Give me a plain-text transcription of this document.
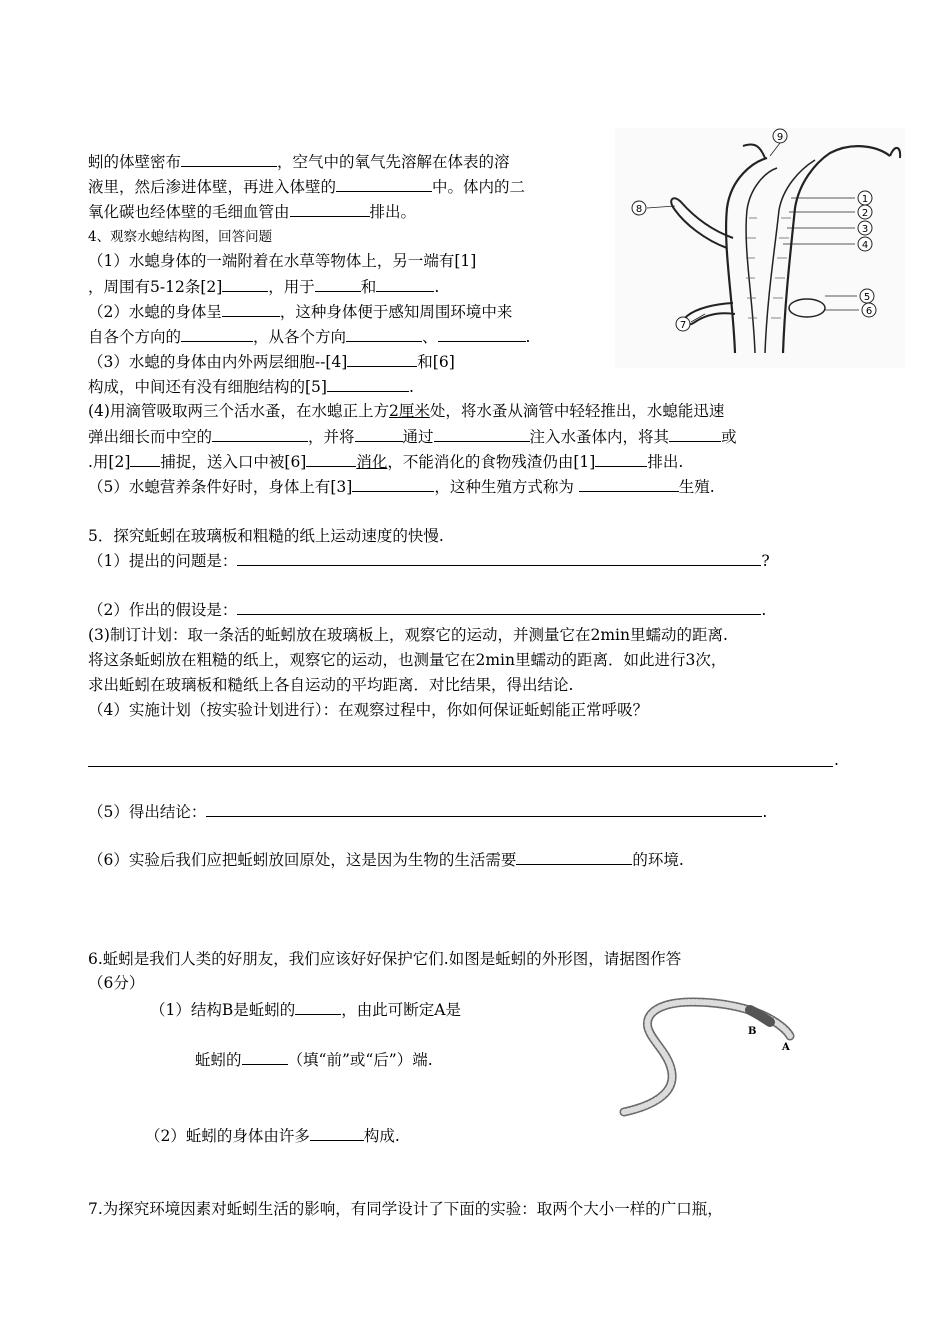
蚓的体壁密布	，空气中的氧气先溶解在体表的溶
液里，然后渗进体壁，再进入体壁的	中。体内的二
氧化碳也经体壁的毛细血管由	排出。
4、观察水螅结构图，回答问题
（1）水螅身体的一端附着在水草等物体上，另一端有[1]
，周围有5-12条[2]	，用于	和	.
（2）水螅的身体呈	，这种身体便于感知周围环境中来
自各个方向的	，从各个方向	、	.
（3）水螅的身体由内外两层细胞--[4]	和[6]
构成，中间还有没有细胞结构的[5]	.
(4)用滴管吸取两三个活水蚤，在水螅正上方2厘米处，将水蚤从滴管中轻轻推出，水螅能迅速
弹出细长而中空的	，并将	通过	注入水蚤体内，将其	或
.用[2] 捕捉，送入口中被[6]	消化，不能消化的食物残渣仍由[1]	排出.
（5）水螅营养条件好时，身体上有[3]	，这种生殖方式称为	生殖.
1
2
3
4
5
6
7
8
9
5．探究蚯蚓在玻璃板和粗糙的纸上运动速度的快慢.
（1）提出的问题是：	?
（2）作出的假设是：	.
(3)制订计划：取一条活的蚯蚓放在玻璃板上，观察它的运动，并测量它在2min里蠕动的距离.
将这条蚯蚓放在粗糙的纸上，观察它的运动，也测量它在2min里蠕动的距离．如此进行3次，
求出蚯蚓在玻璃板和糙纸上各自运动的平均距离．对比结果，得出结论.
（4）实施计划（按实验计划进行）：在观察过程中，你如何保证蚯蚓能正常呼吸？
.
（5）得出结论：	.
（6）实验后我们应把蚯蚓放回原处，这是因为生物的生活需要	的环境.
6.蚯蚓是我们人类的好朋友，我们应该好好保护它们.如图是蚯蚓的外形图，请据图作答
（6分）
（1）结构B是蚯蚓的	，由此可断定A是
蚯蚓的	（填“前”或“后”）端.
（2）蚯蚓的身体由许多	构成.
B
A
7.为探究环境因素对蚯蚓生活的影响，有同学设计了下面的实验：取两个大小一样的广口瓶，
